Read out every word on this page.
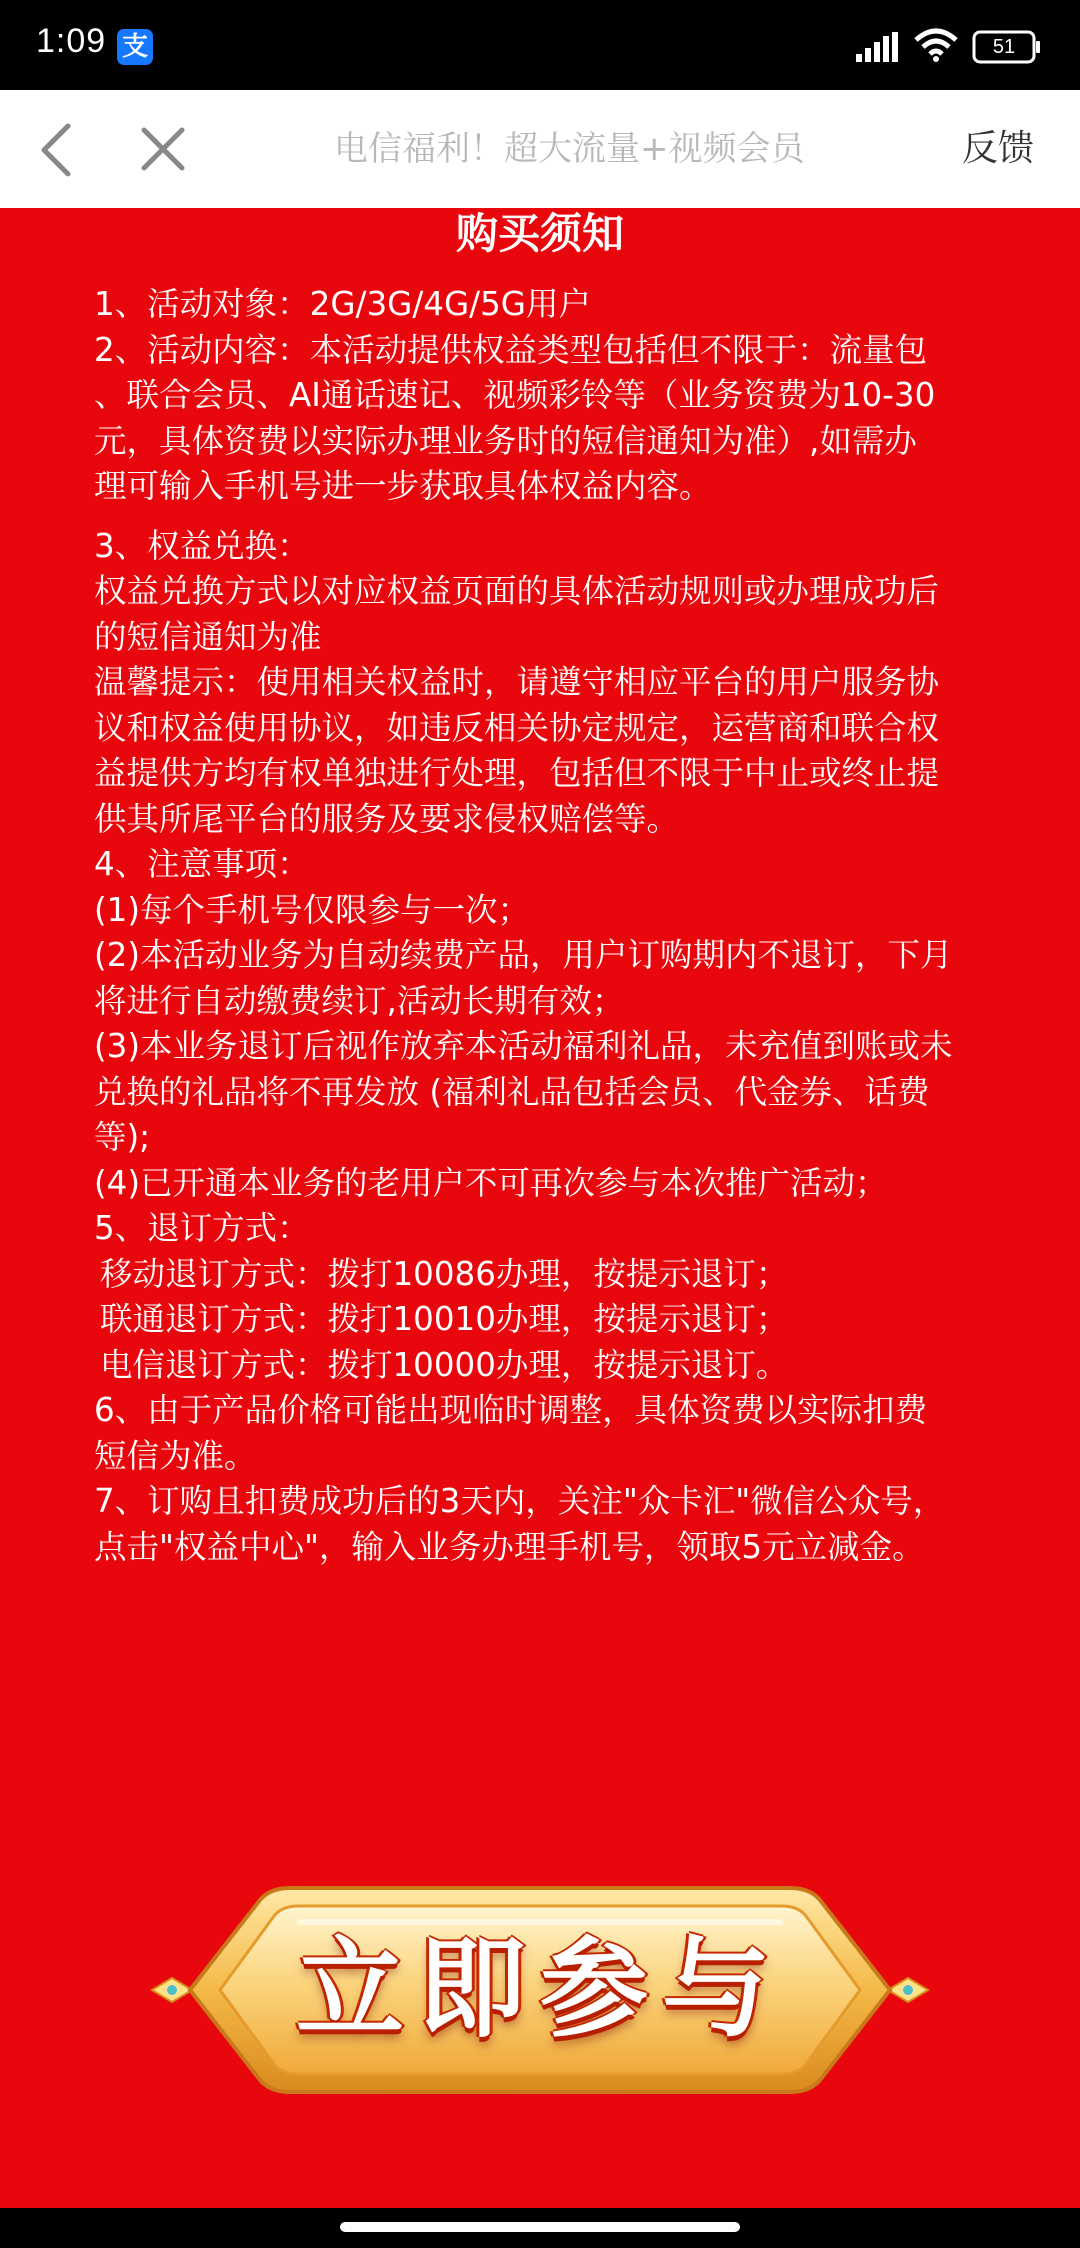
1:09 支	51
电信福利！超大流量+视频会员	反馈
购买须知

1、活动对象：2G/3G/4G/5G用户

2、活动内容：本活动提供权益类型包括但不限于：流量包

、联合会员、AI通话速记、视频彩铃等（业务资费为10-30

元，具体资费以实际办理业务时的短信通知为准）,如需办

理可输入手机号进一步获取具体权益内容。

3、权益兑换：

权益兑换方式以对应权益页面的具体活动规则或办理成功后

的短信通知为准

温馨提示：使用相关权益时，请遵守相应平台的用户服务协

议和权益使用协议，如违反相关协定规定，运营商和联合权

益提供方均有权单独进行处理，包括但不限于中止或终止提

供其所尾平台的服务及要求侵权赔偿等。

4、注意事项：

(1)每个手机号仅限参与一次；

(2)本活动业务为自动续费产品，用户订购期内不退订，下月

将进行自动缴费续订,活动长期有效；

(3)本业务退订后视作放弃本活动福利礼品，未充值到账或未

兑换的礼品将不再发放 (福利礼品包括会员、代金券、话费

等);

(4)已开通本业务的老用户不可再次参与本次推广活动；

5、退订方式：

移动退订方式：拨打10086办理，按提示退订；

联通退订方式：拨打10010办理，按提示退订；

电信退订方式：拨打10000办理，按提示退订。

6、由于产品价格可能出现临时调整，具体资费以实际扣费

短信为准。

7、订购且扣费成功后的3天内，关注"众卡汇"微信公众号，

点击"权益中心"，输入业务办理手机号，领取5元立减金。

立即参与
